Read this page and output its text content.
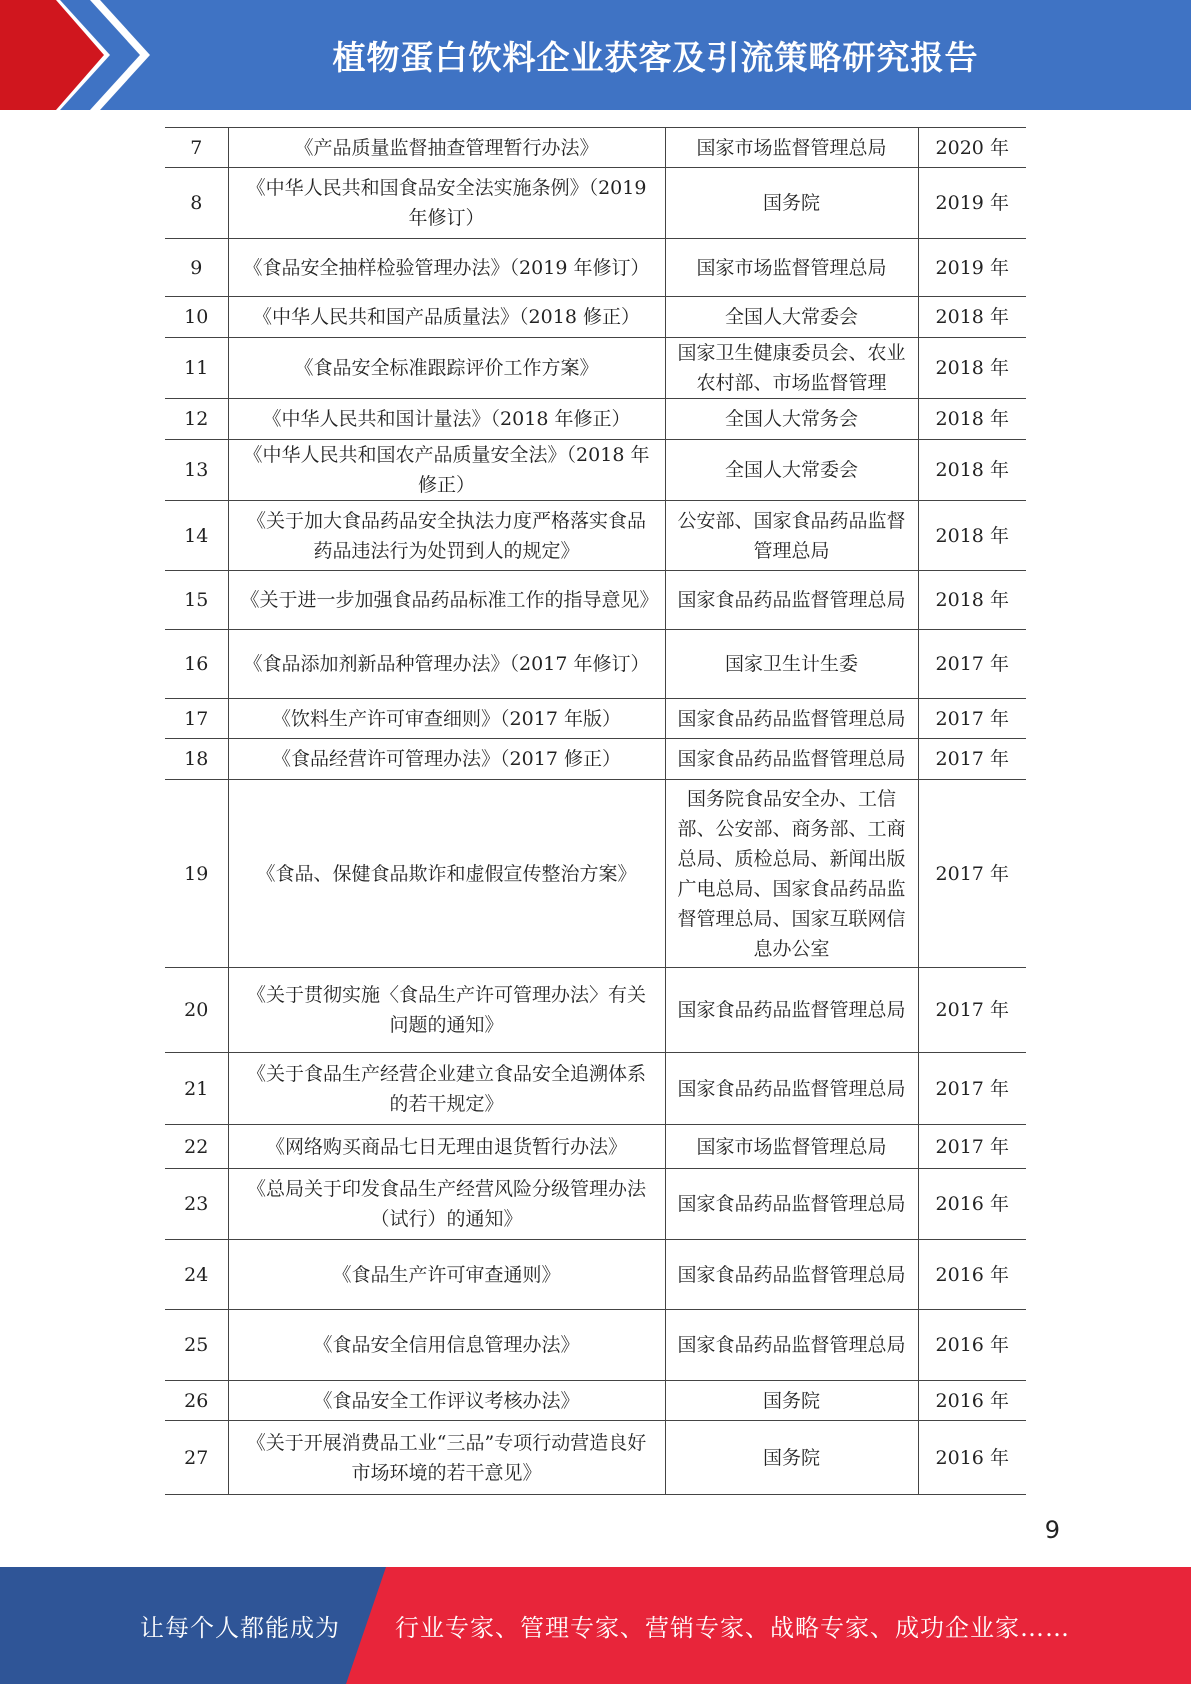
植物蛋白饮料企业获客及引流策略研究报告
7	《产品质量监督抽查管理暂行办法》	国家市场监督管理总局	2020 年
8	《中华人民共和国食品安全法实施条例》（2019 年修订）	国务院	2019 年
9	《食品安全抽样检验管理办法》（2019 年修订）	国家市场监督管理总局	2019 年
10	《中华人民共和国产品质量法》（2018 修正）	全国人大常委会	2018 年
11	《食品安全标准跟踪评价工作方案》	国家卫生健康委员会、农业农村部、市场监督管理	2018 年
12	《中华人民共和国计量法》（2018 年修正）	全国人大常务会	2018 年
13	《中华人民共和国农产品质量安全法》（2018 年修正）	全国人大常委会	2018 年
14	《关于加大食品药品安全执法力度严格落实食品药品违法行为处罚到人的规定》	公安部、国家食品药品监督管理总局	2018 年
15	《关于进一步加强食品药品标准工作的指导意见》	国家食品药品监督管理总局	2018 年
16	《食品添加剂新品种管理办法》（2017 年修订）	国家卫生计生委	2017 年
17	《饮料生产许可审查细则》（2017 年版）	国家食品药品监督管理总局	2017 年
18	《食品经营许可管理办法》（2017 修正）	国家食品药品监督管理总局	2017 年
19	《食品、保健食品欺诈和虚假宣传整治方案》	国务院食品安全办、工信部、公安部、商务部、工商总局、质检总局、新闻出版广电总局、国家食品药品监督管理总局、国家互联网信息办公室	2017 年
20	《关于贯彻实施〈食品生产许可管理办法〉有关问题的通知》	国家食品药品监督管理总局	2017 年
21	《关于食品生产经营企业建立食品安全追溯体系的若干规定》	国家食品药品监督管理总局	2017 年
22	《网络购买商品七日无理由退货暂行办法》	国家市场监督管理总局	2017 年
23	《总局关于印发食品生产经营风险分级管理办法（试行）的通知》	国家食品药品监督管理总局	2016 年
24	《食品生产许可审查通则》	国家食品药品监督管理总局	2016 年
25	《食品安全信用信息管理办法》	国家食品药品监督管理总局	2016 年
26	《食品安全工作评议考核办法》	国务院	2016 年
27	《关于开展消费品工业“三品”专项行动营造良好市场环境的若干意见》	国务院	2016 年
9
让每个人都能成为 行业专家、管理专家、营销专家、战略专家、成功企业家……
